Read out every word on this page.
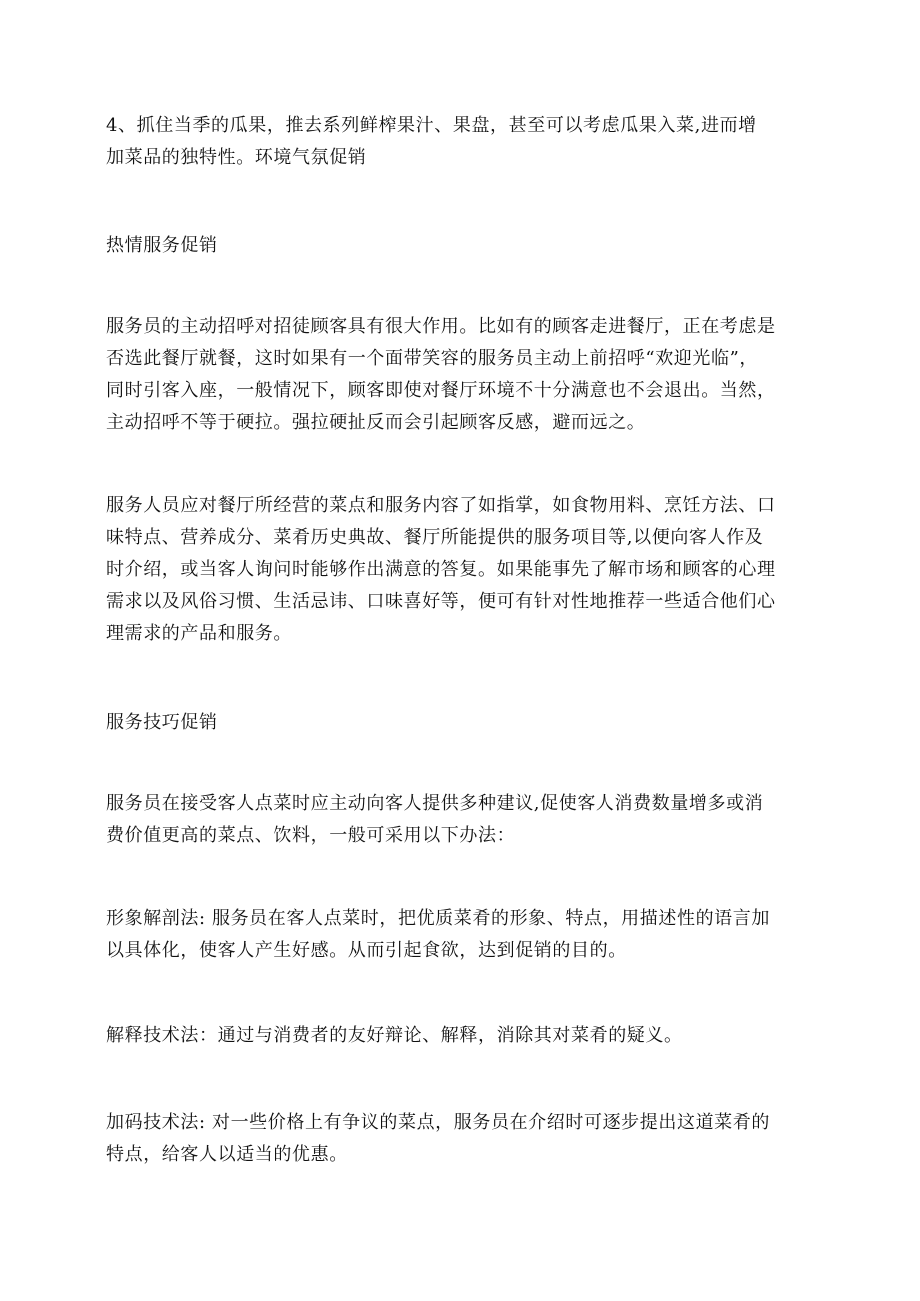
4、抓住当季的瓜果，推去系列鲜榨果汁、果盘，甚至可以考虑瓜果入菜,进而增
加菜品的独特性。环境气氛促销

热情服务促销

服务员的主动招呼对招徒顾客具有很大作用。比如有的顾客走进餐厅，正在考虑是
否选此餐厅就餐，这时如果有一个面带笑容的服务员主动上前招呼“欢迎光临”，
同时引客入座，一般情况下，顾客即使对餐厅环境不十分满意也不会退出。当然，
主动招呼不等于硬拉。强拉硬扯反而会引起顾客反感，避而远之。

服务人员应对餐厅所经营的菜点和服务内容了如指掌，如食物用料、烹饪方法、口
味特点、营养成分、菜肴历史典故、餐厅所能提供的服务项目等,以便向客人作及
时介绍，或当客人询问时能够作出满意的答复。如果能事先了解市场和顾客的心理
需求以及风俗习惯、生活忌讳、口味喜好等，便可有针对性地推荐一些适合他们心
理需求的产品和服务。

服务技巧促销

服务员在接受客人点菜时应主动向客人提供多种建议,促使客人消费数量增多或消
费价值更高的菜点、饮料，一般可采用以下办法：

形象解剖法: 服务员在客人点菜时，把优质菜肴的形象、特点，用描述性的语言加
以具体化，使客人产生好感。从而引起食欲，达到促销的目的。

解释技术法：通过与消费者的友好辩论、解释，消除其对菜肴的疑义。

加码技术法: 对一些价格上有争议的菜点，服务员在介绍时可逐步提出这道菜肴的
特点，给客人以适当的优惠。
